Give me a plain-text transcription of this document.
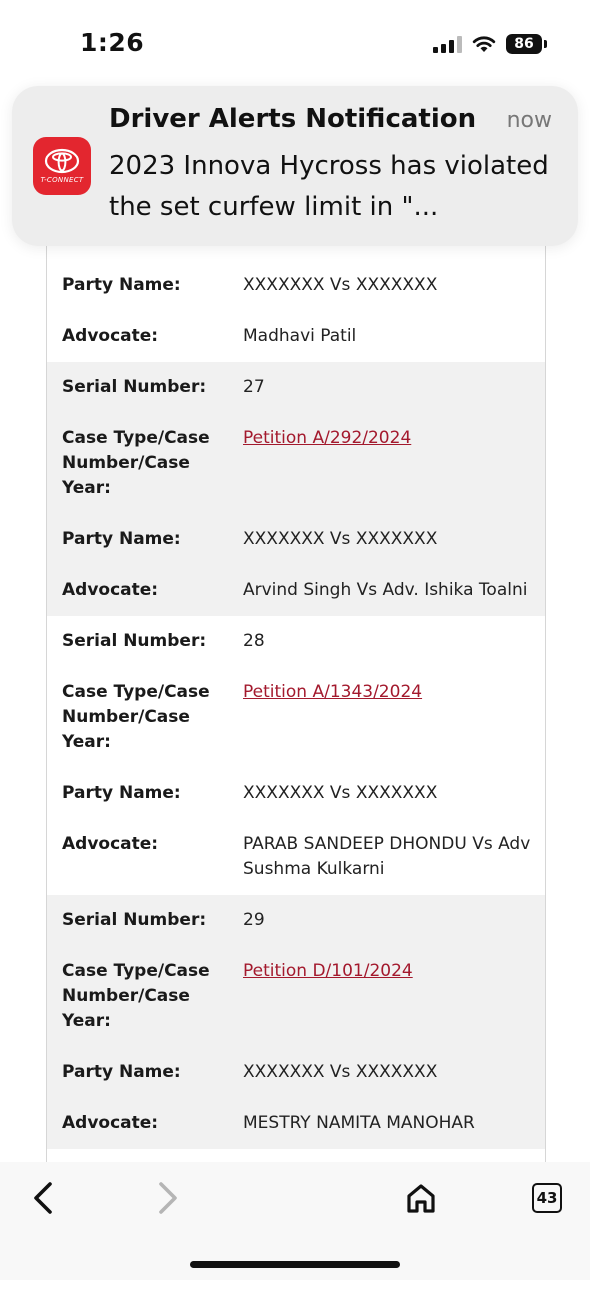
1:26	86
Party Name:	XXXXXXX Vs XXXXXXX
Advocate:	Madhavi Patil
Serial Number:	27
Case Type/Case Number/Case Year:
Petition A/292/2024
Party Name:	XXXXXXX Vs XXXXXXX
Advocate:	Arvind Singh Vs Adv. Ishika Toalni
Serial Number:	28
Case Type/Case Number/Case Year:
Petition A/1343/2024
Party Name:	XXXXXXX Vs XXXXXXX
Advocate:	PARAB SANDEEP DHONDU Vs Adv Sushma Kulkarni
Serial Number:	29
Case Type/Case Number/Case Year:
Petition D/101/2024
Party Name:	XXXXXXX Vs XXXXXXX
Advocate:	MESTRY NAMITA MANOHAR
T-CONNECT
Driver Alerts Notification now
2023 Innova Hycross has violated the set curfew limit in "...
43
